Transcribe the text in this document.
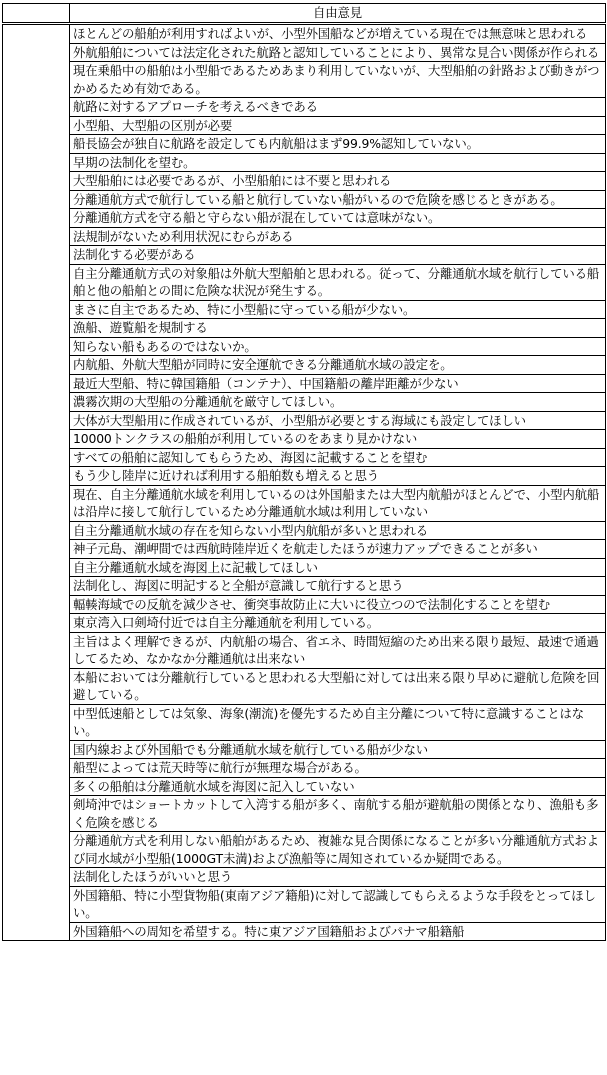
	自由意見
	ほとんどの船舶が利用すればよいが、小型外国船などが増えている現在では無意味と思われる
	外航船舶については法定化された航路と認知していることにより、異常な見合い関係が作られる
	現在乗船中の船舶は小型船であるためあまり利用していないが、大型船舶の針路および動きがつかめるため有効である。
	航路に対するアプローチを考えるべきである
	小型船、大型船の区別が必要
	船長協会が独自に航路を設定しても内航船はまず99.9%認知していない。
	早期の法制化を望む。
	大型船舶には必要であるが、小型船舶には不要と思われる
	分離通航方式で航行している船と航行していない船がいるので危険を感じるときがある。
	分離通航方式を守る船と守らない船が混在していては意味がない。
	法規制がないため利用状況にむらがある
	法制化する必要がある
	自主分離通航方式の対象船は外航大型船舶と思われる。従って、分離通航水域を航行している船舶と他の船舶との間に危険な状況が発生する。
	まさに自主であるため、特に小型船に守っている船が少ない。
	漁船、遊覧船を規制する
	知らない船もあるのではないか。
	内航船、外航大型船が同時に安全運航できる分離通航水域の設定を。
	最近大型船、特に韓国籍船（コンテナ）、中国籍船の離岸距離が少ない
	濃霧次期の大型船の分離通航を厳守してほしい。
	大体が大型船用に作成されているが、小型船が必要とする海域にも設定してほしい
	10000トンクラスの船舶が利用しているのをあまり見かけない
	すべての船舶に認知してもらうため、海図に記載することを望む
	もう少し陸岸に近ければ利用する船舶数も増えると思う
	現在、自主分離通航水域を利用しているのは外国船または大型内航船がほとんどで、小型内航船は沿岸に接して航行しているため分離通航水域は利用していない
	自主分離通航水域の存在を知らない小型内航船が多いと思われる
	神子元島、潮岬間では西航時陸岸近くを航走したほうが速力アップできることが多い
	自主分離通航水域を海図上に記載してほしい
	法制化し、海図に明記すると全船が意識して航行すると思う
	輻輳海域での反航を減少させ、衝突事故防止に大いに役立つので法制化することを望む
	東京湾入口剣埼付近では自主分離通航を利用している。
	主旨はよく理解できるが、内航船の場合、省エネ、時間短縮のため出来る限り最短、最速で通過してるため、なかなか分離通航は出来ない
	本船においては分離航行していると思われる大型船に対しては出来る限り早めに避航し危険を回避している。
	中型低速船としては気象、海象(潮流)を優先するため自主分離について特に意識することはない。
	国内線および外国船でも分離通航水域を航行している船が少ない
	船型によっては荒天時等に航行が無理な場合がある。
	多くの船舶は分離通航水域を海図に記入していない
	剣埼沖ではショートカットして入湾する船が多く、南航する船が避航船の関係となり、漁船も多く危険を感じる
	分離通航方式を利用しない船舶があるため、複雑な見合関係になることが多い分離通航方式および同水域が小型船(1000GT未満)および漁船等に周知されているか疑問である。
	法制化したほうがいいと思う
	外国籍船、特に小型貨物船(東南アジア籍船)に対して認識してもらえるような手段をとってほしい。
	外国籍船への周知を希望する。特に東アジア国籍船およびパナマ船籍船
